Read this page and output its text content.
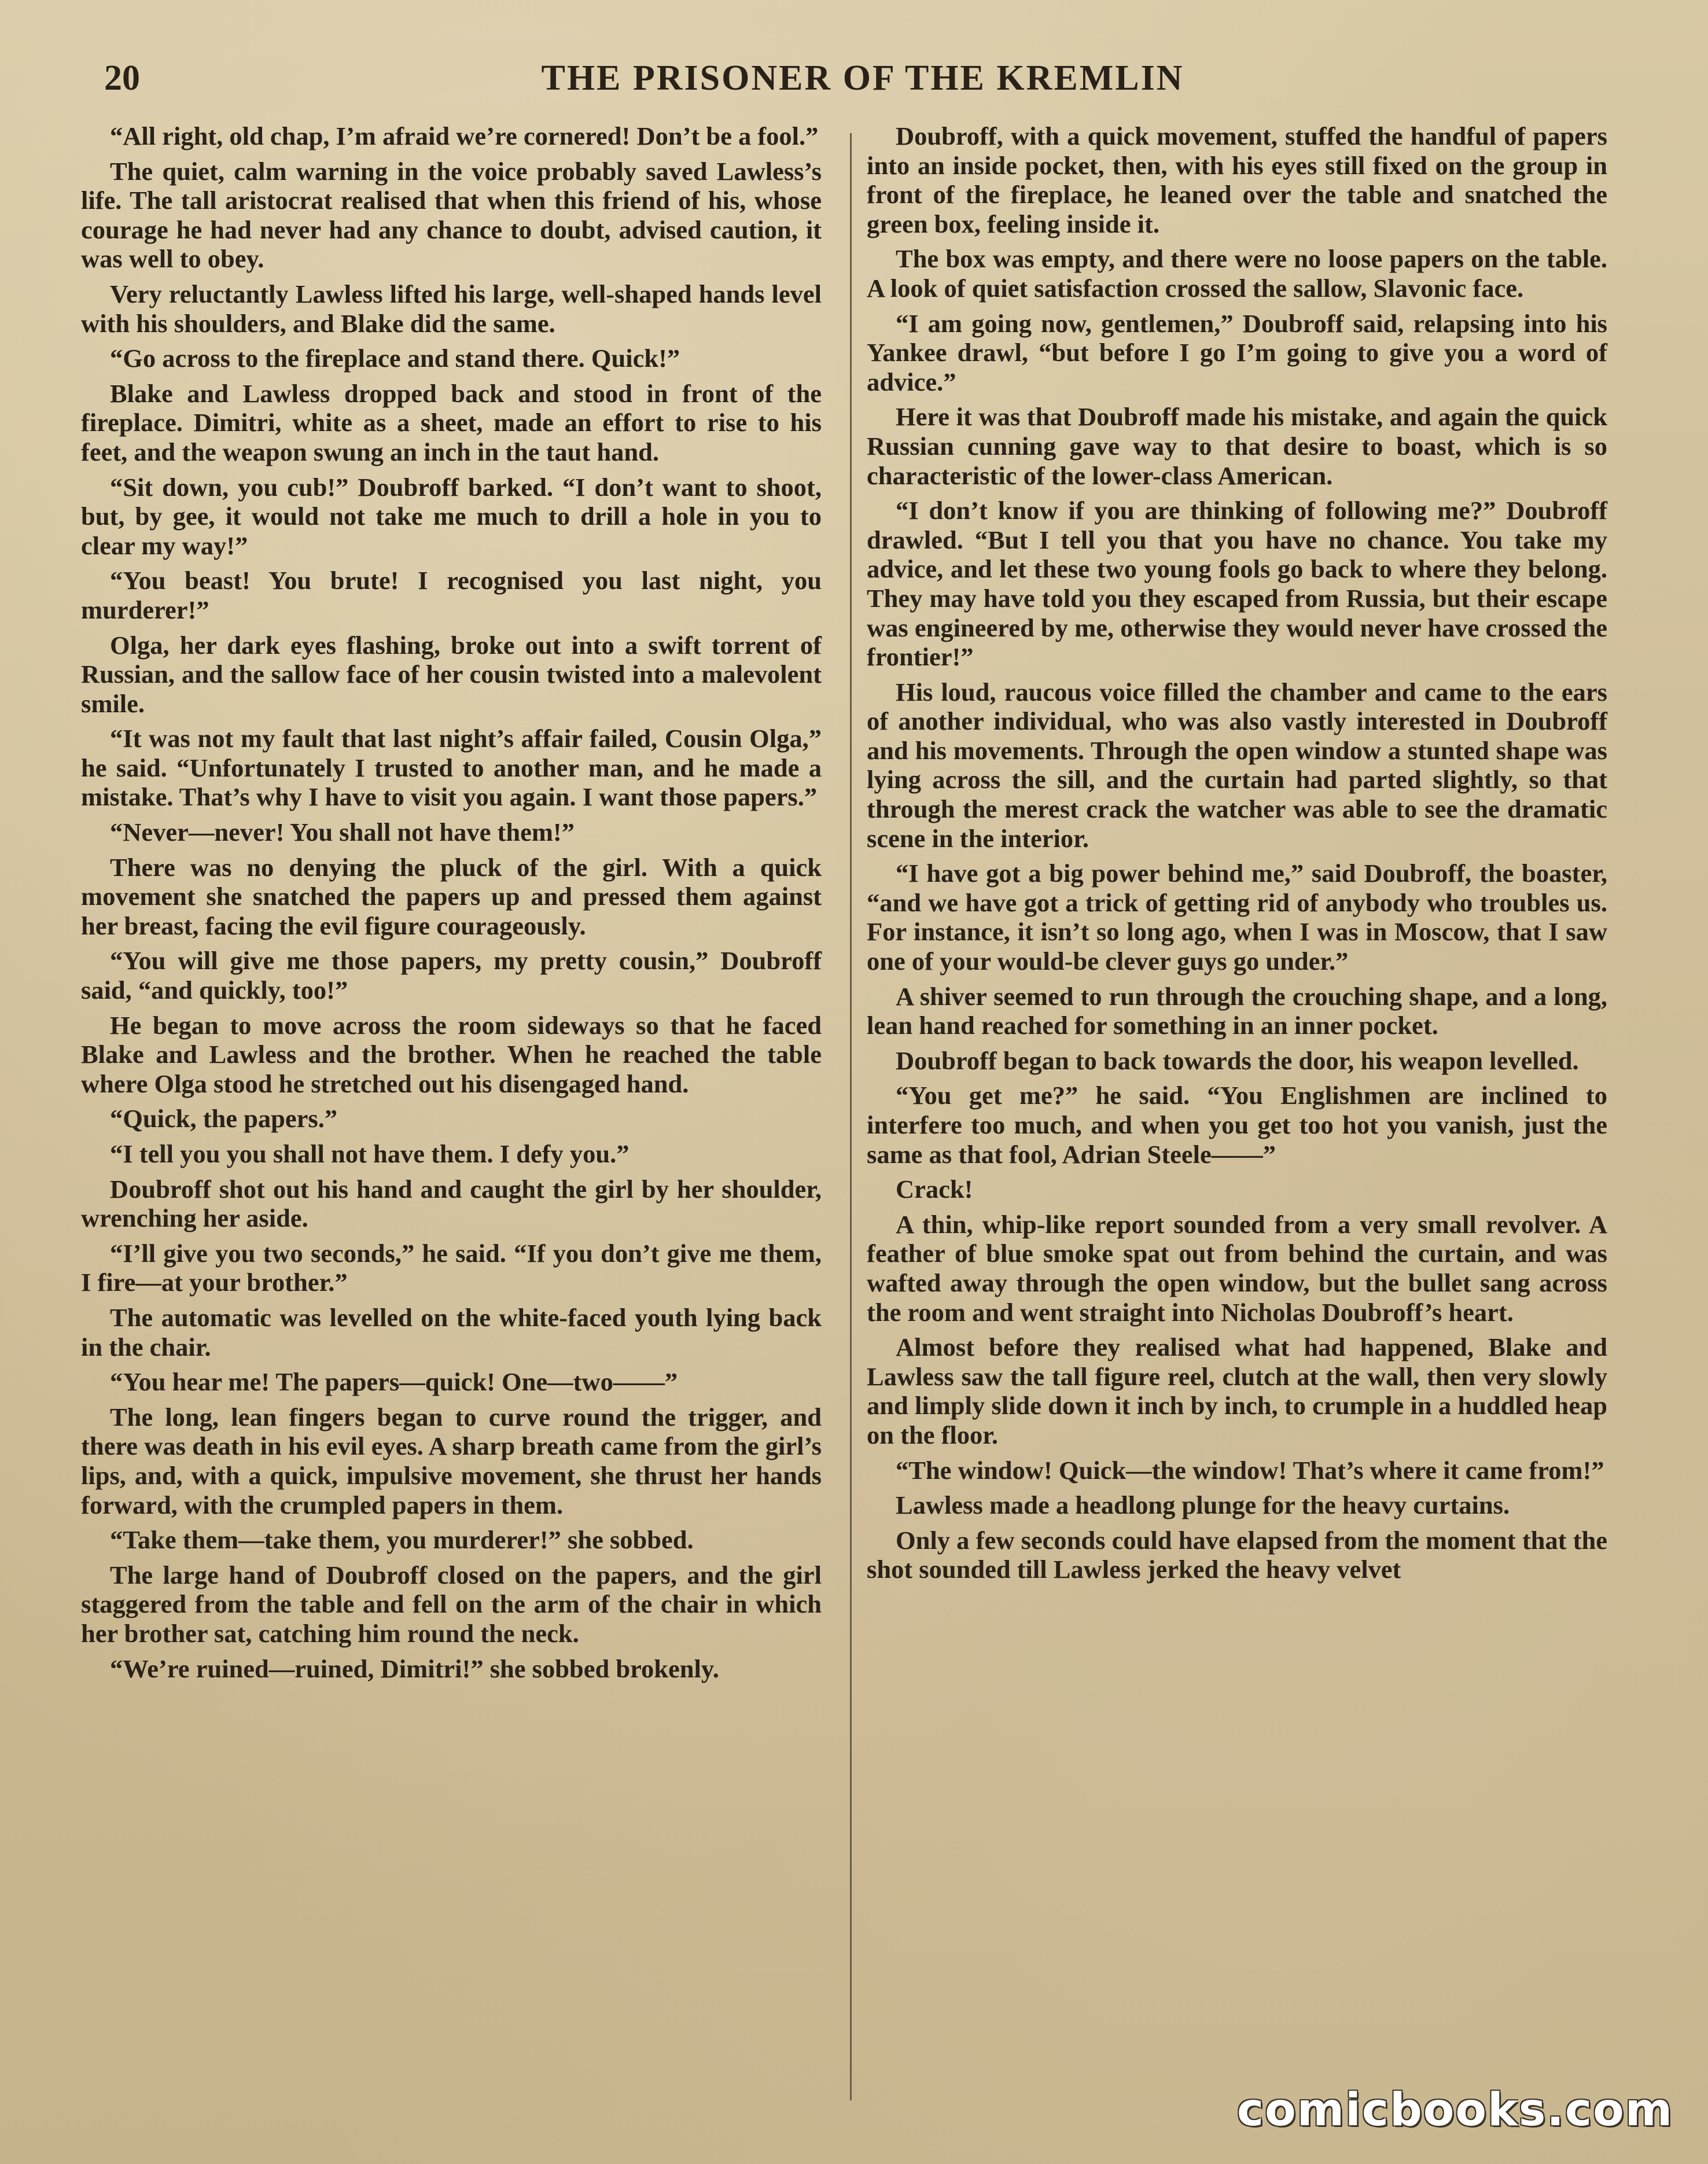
20	THE PRISONER OF THE KREMLIN

“All right, old chap, I’m afraid we’re cornered! Don’t be a fool.”

The quiet, calm warning in the voice probably saved Lawless’s life. The tall aristocrat realised that when this friend of his, whose courage he had never had any chance to doubt, advised caution, it was well to obey.

Very reluctantly Lawless lifted his large, well-shaped hands level with his shoulders, and Blake did the same.

“Go across to the fireplace and stand there. Quick!”

Blake and Lawless dropped back and stood in front of the fireplace. Dimitri, white as a sheet, made an effort to rise to his feet, and the weapon swung an inch in the taut hand.

“Sit down, you cub!” Doubroff barked. “I don’t want to shoot, but, by gee, it would not take me much to drill a hole in you to clear my way!”

“You beast! You brute! I recognised you last night, you murderer!”

Olga, her dark eyes flashing, broke out into a swift torrent of Russian, and the sallow face of her cousin twisted into a malevolent smile.

“It was not my fault that last night’s affair failed, Cousin Olga,” he said. “Unfortunately I trusted to another man, and he made a mistake. That’s why I have to visit you again. I want those papers.”

“Never—never! You shall not have them!”

There was no denying the pluck of the girl. With a quick movement she snatched the papers up and pressed them against her breast, facing the evil figure courageously.

“You will give me those papers, my pretty cousin,” Doubroff said, “and quickly, too!”

He began to move across the room sideways so that he faced Blake and Lawless and the brother. When he reached the table where Olga stood he stretched out his disengaged hand.

“Quick, the papers.”

“I tell you you shall not have them. I defy you.”

Doubroff shot out his hand and caught the girl by her shoulder, wrenching her aside.

“I’ll give you two seconds,” he said. “If you don’t give me them, I fire—at your brother.”

The automatic was levelled on the white-faced youth lying back in the chair.

“You hear me! The papers—quick! One—two——”

The long, lean fingers began to curve round the trigger, and there was death in his evil eyes. A sharp breath came from the girl’s lips, and, with a quick, impulsive movement, she thrust her hands forward, with the crumpled papers in them.

“Take them—take them, you murderer!” she sobbed.

The large hand of Doubroff closed on the papers, and the girl staggered from the table and fell on the arm of the chair in which her brother sat, catching him round the neck.

“We’re ruined—ruined, Dimitri!” she sobbed brokenly.

Doubroff, with a quick movement, stuffed the handful of papers into an inside pocket, then, with his eyes still fixed on the group in front of the fireplace, he leaned over the table and snatched the green box, feeling inside it.

The box was empty, and there were no loose papers on the table. A look of quiet satisfaction crossed the sallow, Slavonic face.

“I am going now, gentlemen,” Doubroff said, relapsing into his Yankee drawl, “but before I go I’m going to give you a word of advice.”

Here it was that Doubroff made his mistake, and again the quick Russian cunning gave way to that desire to boast, which is so characteristic of the lower-class American.

“I don’t know if you are thinking of following me?” Doubroff drawled. “But I tell you that you have no chance. You take my advice, and let these two young fools go back to where they belong. They may have told you they escaped from Russia, but their escape was engineered by me, otherwise they would never have crossed the frontier!”

His loud, raucous voice filled the chamber and came to the ears of another individual, who was also vastly interested in Doubroff and his movements. Through the open window a stunted shape was lying across the sill, and the curtain had parted slightly, so that through the merest crack the watcher was able to see the dramatic scene in the interior.

“I have got a big power behind me,” said Doubroff, the boaster, “and we have got a trick of getting rid of anybody who troubles us. For instance, it isn’t so long ago, when I was in Moscow, that I saw one of your would-be clever guys go under.”

A shiver seemed to run through the crouching shape, and a long, lean hand reached for something in an inner pocket.

Doubroff began to back towards the door, his weapon levelled.

“You get me?” he said. “You Englishmen are inclined to interfere too much, and when you get too hot you vanish, just the same as that fool, Adrian Steele——”

Crack!

A thin, whip-like report sounded from a very small revolver. A feather of blue smoke spat out from behind the curtain, and was wafted away through the open window, but the bullet sang across the room and went straight into Nicholas Doubroff’s heart.

Almost before they realised what had happened, Blake and Lawless saw the tall figure reel, clutch at the wall, then very slowly and limply slide down it inch by inch, to crumple in a huddled heap on the floor.

“The window! Quick—the window! That’s where it came from!”

Lawless made a headlong plunge for the heavy curtains.

Only a few seconds could have elapsed from the moment that the shot sounded till Lawless jerked the heavy velvet

comicbooks.com
